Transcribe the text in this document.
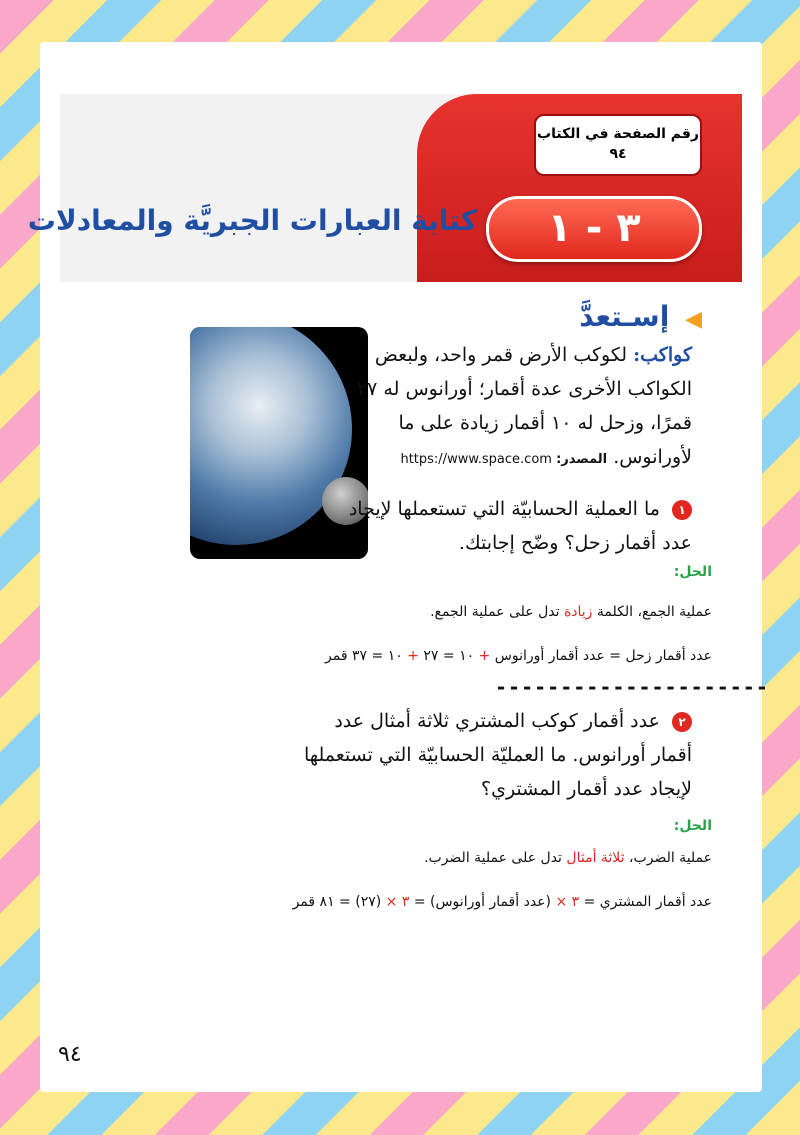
رقم الصفحة في الكتاب
٩٤
٣ - ١
كتابة العبارات الجبريَّة والمعادلات
◀ إسـتعدَّ
كواكب: لكوكب الأرض قمر واحد، ولبعض الكواكب الأخرى عدة أقمار؛ أورانوس له ٢٧ قمرًا، وزحل له ١٠ أقمار زيادة على ما لأورانوس. المصدر: https://www.space.com
١ ما العملية الحسابيّة التي تستعملها لإيجاد عدد أقمار زحل؟ وضّح إجابتك.
الحل:
عملية الجمع، الكلمة زيادة تدل على عملية الجمع.
عدد أقمار زحل = عدد أقمار أورانوس + ١٠ = ٢٧ + ١٠ = ٣٧ قمر
---------------------
٢ عدد أقمار كوكب المشتري ثلاثة أمثال عدد أقمار أورانوس. ما العمليّة الحسابيّة التي تستعملها لإيجاد عدد أقمار المشتري؟
الحل:
عملية الضرب، ثلاثة أمثال تدل على عملية الضرب.
عدد أقمار المشتري = ٣ × (عدد أقمار أورانوس) = ٣ × (٢٧) = ٨١ قمر
٩٤
